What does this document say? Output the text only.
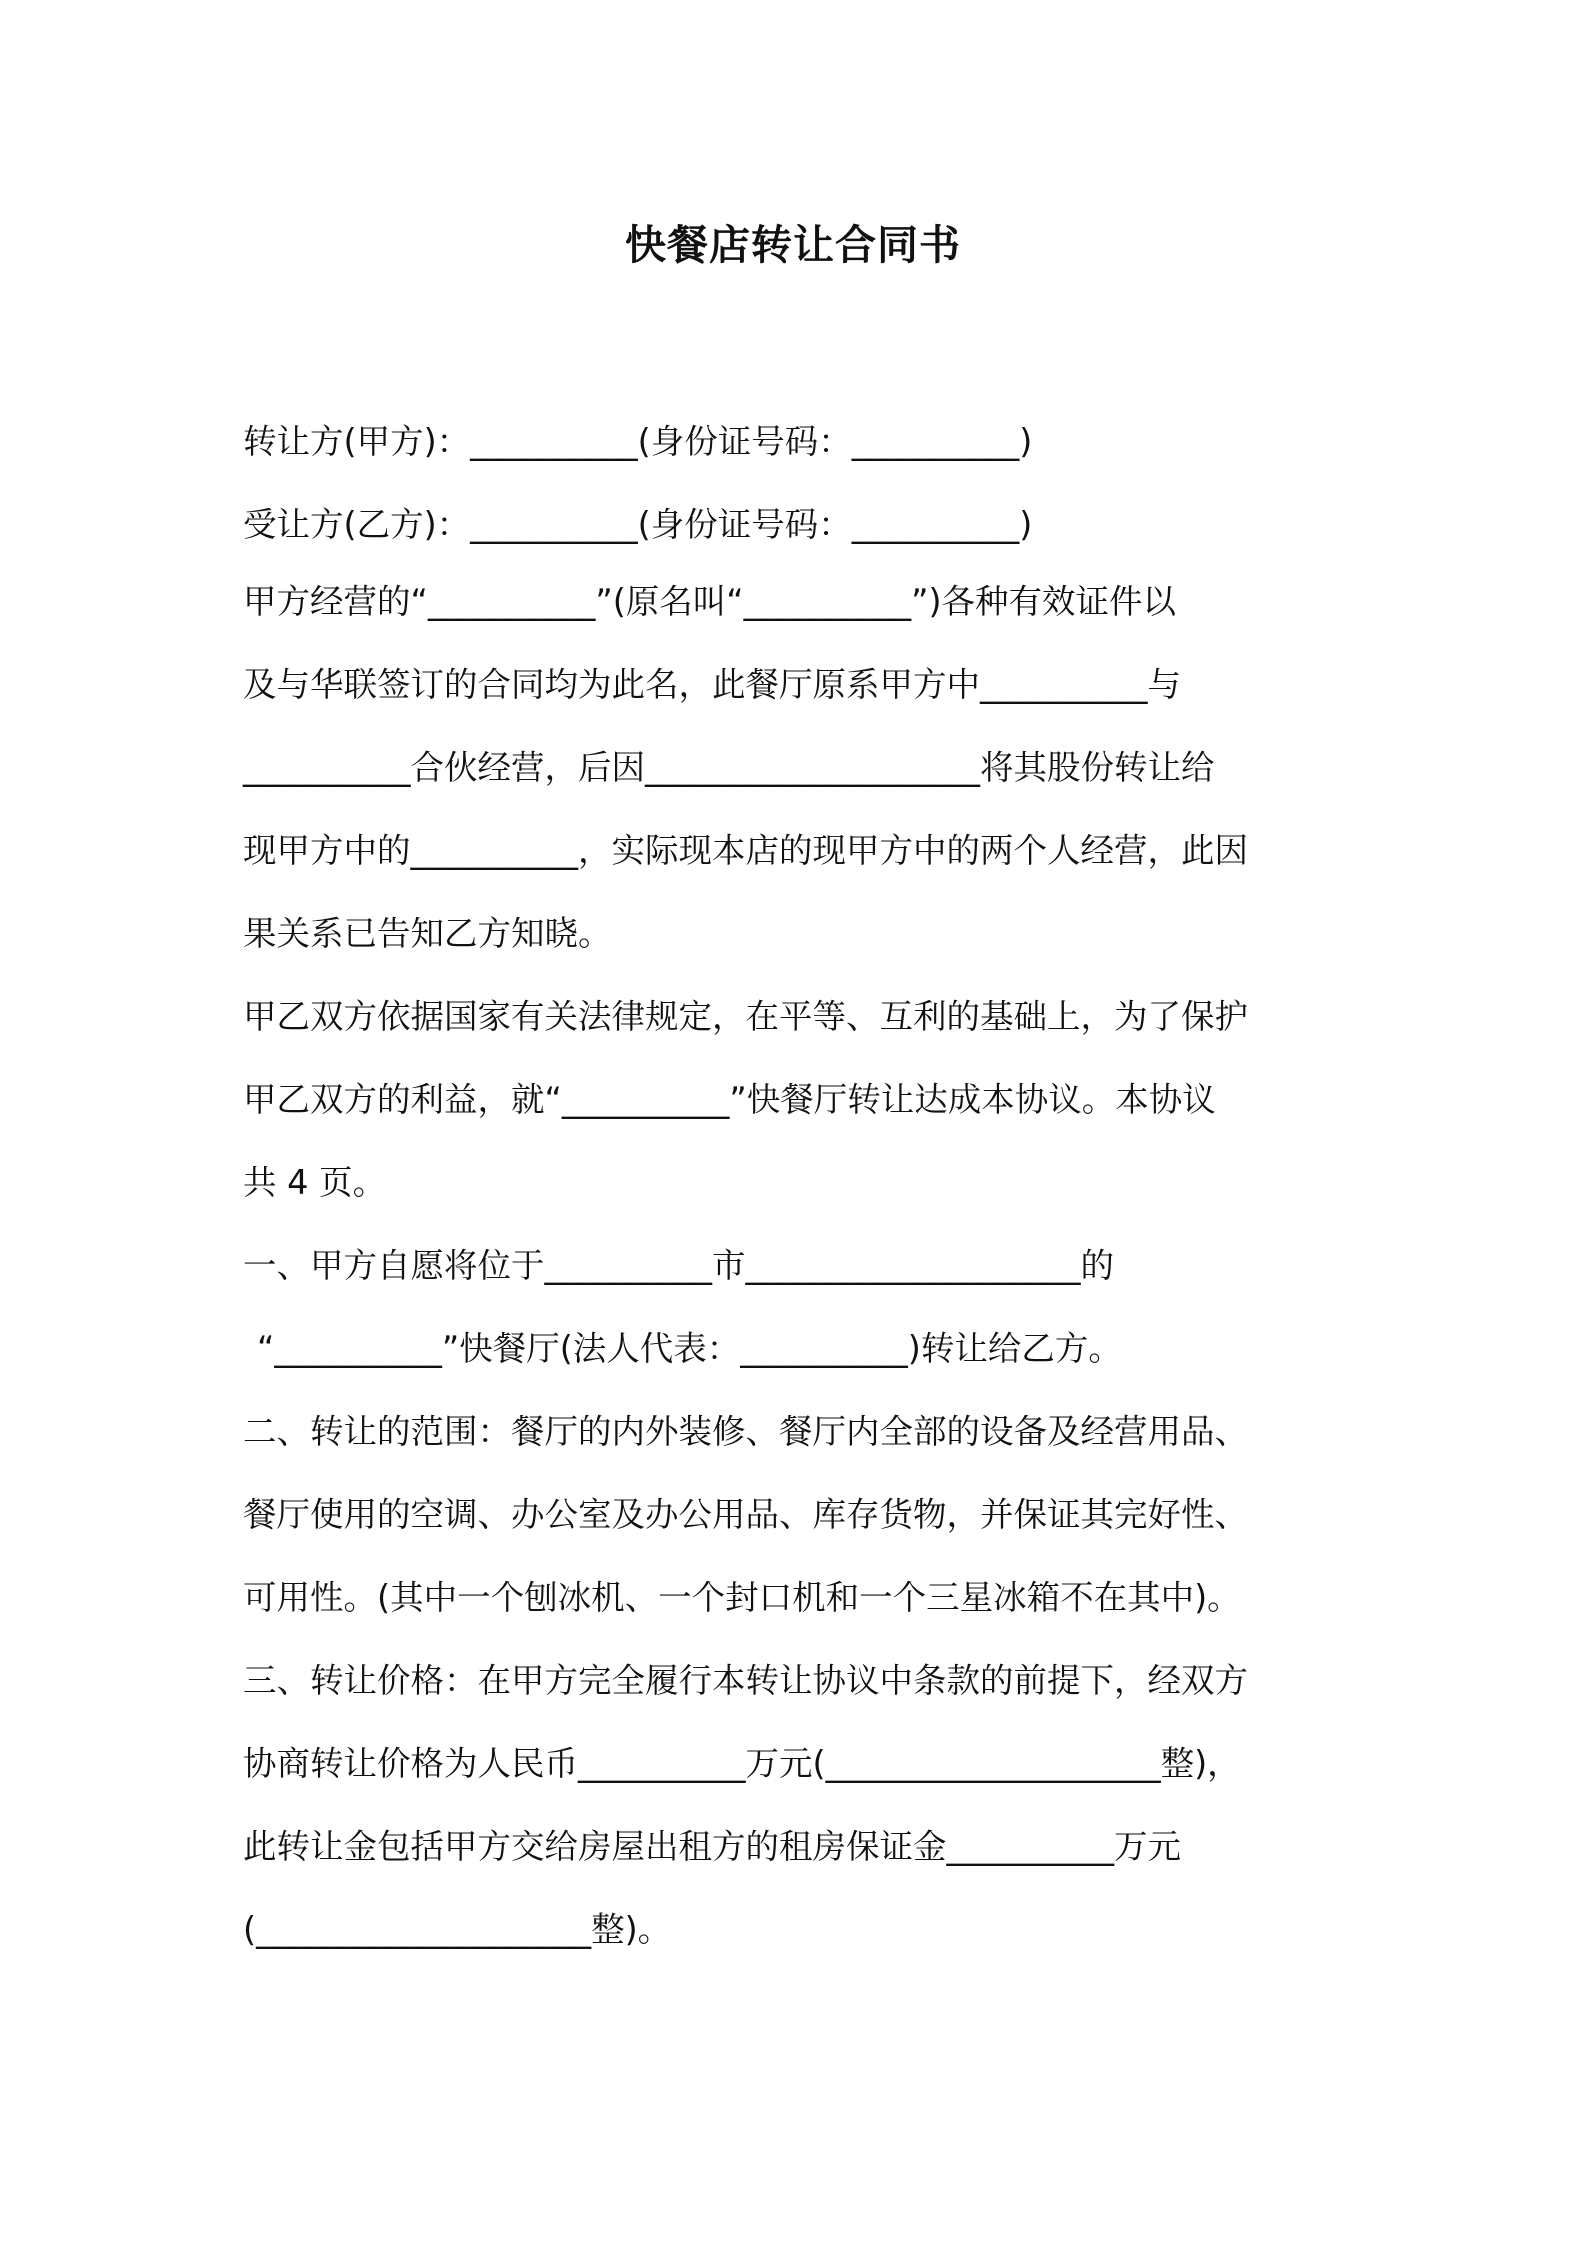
快餐店转让合同书

转让方(甲方)：__________(身份证号码：__________)

受让方(乙方)：__________(身份证号码：__________)

甲方经营的“__________”(原名叫“__________”)各种有效证件以

及与华联签订的合同均为此名，此餐厅原系甲方中__________与

__________合伙经营，后因____________________将其股份转让给

现甲方中的__________，实际现本店的现甲方中的两个人经营，此因

果关系已告知乙方知晓。

甲乙双方依据国家有关法律规定，在平等、互利的基础上，为了保护

甲乙双方的利益，就“__________”快餐厅转让达成本协议。本协议

共 4 页。

一、甲方自愿将位于__________市____________________的

“__________”快餐厅(法人代表：__________)转让给乙方。

二、转让的范围：餐厅的内外装修、餐厅内全部的设备及经营用品、

餐厅使用的空调、办公室及办公用品、库存货物，并保证其完好性、

可用性。(其中一个刨冰机、一个封口机和一个三星冰箱不在其中)。

三、转让价格：在甲方完全履行本转让协议中条款的前提下，经双方

协商转让价格为人民币__________万元(____________________整)，

此转让金包括甲方交给房屋出租方的租房保证金__________万元

(____________________整)。
